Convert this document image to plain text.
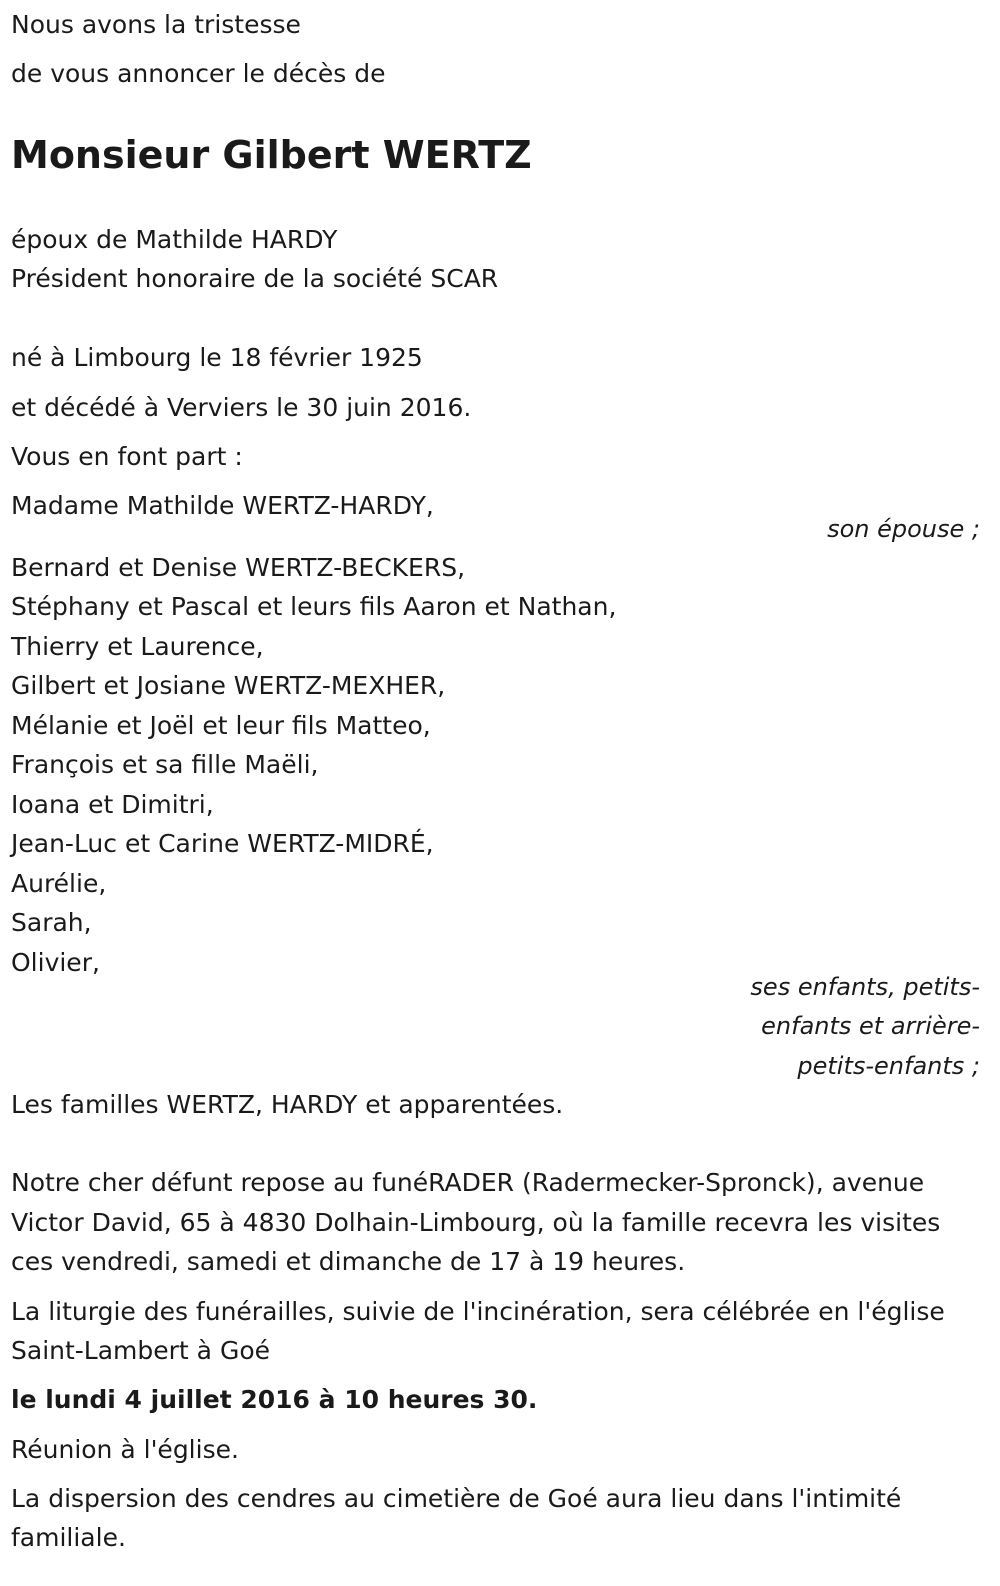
Nous avons la tristesse
de vous annoncer le décès de
Monsieur Gilbert WERTZ
époux de Mathilde HARDY
Président honoraire de la société SCAR
né à Limbourg le 18 février 1925
et décédé à Verviers le 30 juin 2016.
Vous en font part :
Madame Mathilde WERTZ-HARDY,
son épouse ;
Bernard et Denise WERTZ-BECKERS,
Stéphany et Pascal et leurs fils Aaron et Nathan,
Thierry et Laurence,
Gilbert et Josiane WERTZ-MEXHER,
Mélanie et Joël et leur fils Matteo,
François et sa fille Maëli,
Ioana et Dimitri,
Jean-Luc et Carine WERTZ-MIDRÉ,
Aurélie,
Sarah,
Olivier,
ses enfants, petits-
enfants et arrière-
petits-enfants ;
Les familles WERTZ, HARDY et apparentées.
Notre cher défunt repose au funéRADER (Radermecker-Spronck), avenue
Victor David, 65 à 4830 Dolhain-Limbourg, où la famille recevra les visites
ces vendredi, samedi et dimanche de 17 à 19 heures.
La liturgie des funérailles, suivie de l'incinération, sera célébrée en l'église
Saint-Lambert à Goé
le lundi 4 juillet 2016 à 10 heures 30.
Réunion à l'église.
La dispersion des cendres au cimetière de Goé aura lieu dans l'intimité
familiale.
